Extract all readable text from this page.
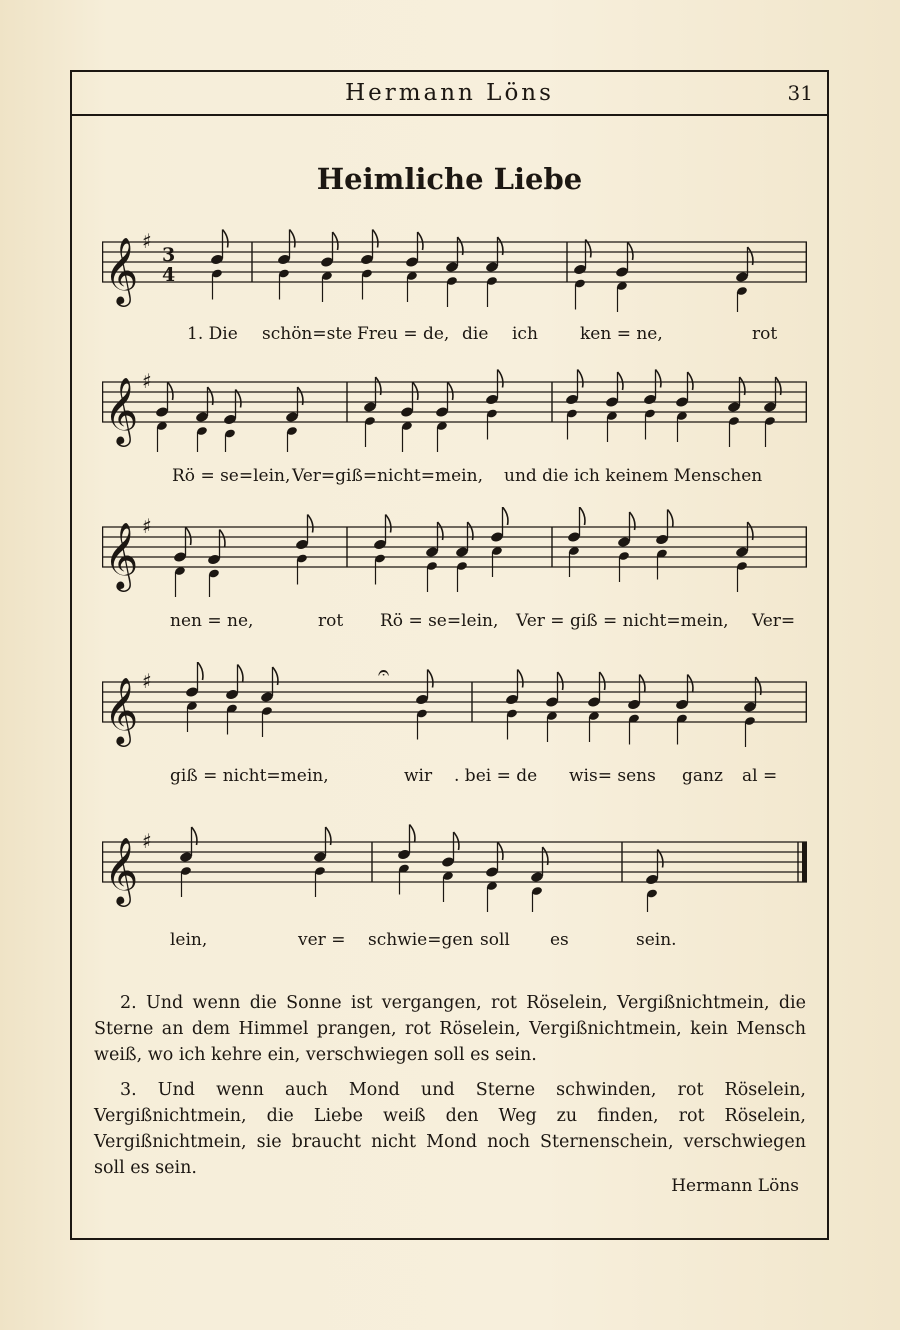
Hermann Löns	31
Heimliche Liebe
𝄞 ♯
3
4
1. Die schön=ste Freu = de, die ich ken = ne,	rot
𝄞 ♯
Rö = se=lein, Ver=giß=nicht=mein, und die ich keinem Menschen
𝄞 ♯
nen = ne,	rot Rö = se=lein, Ver = giß = nicht=mein, Ver=
𝄞 ♯	𝄐
giß = nicht=mein,	wir . bei = de wis= sens ganz al =
𝄞 ♯
lein,	ver = schwie=gen soll es	sein.

2. Und wenn die Sonne ist vergangen, rot Röselein, Vergißnichtmein, die Sterne an dem Himmel prangen, rot Röselein, Vergißnichtmein, kein Mensch weiß, wo ich kehre ein, verschwiegen soll es sein.

3. Und wenn auch Mond und Sterne schwinden, rot Röselein, Vergißnichtmein, die Liebe weiß den Weg zu finden, rot Röselein, Vergißnichtmein, sie braucht nicht Mond noch Sternenschein, verschwiegen soll es sein.

Hermann Löns
